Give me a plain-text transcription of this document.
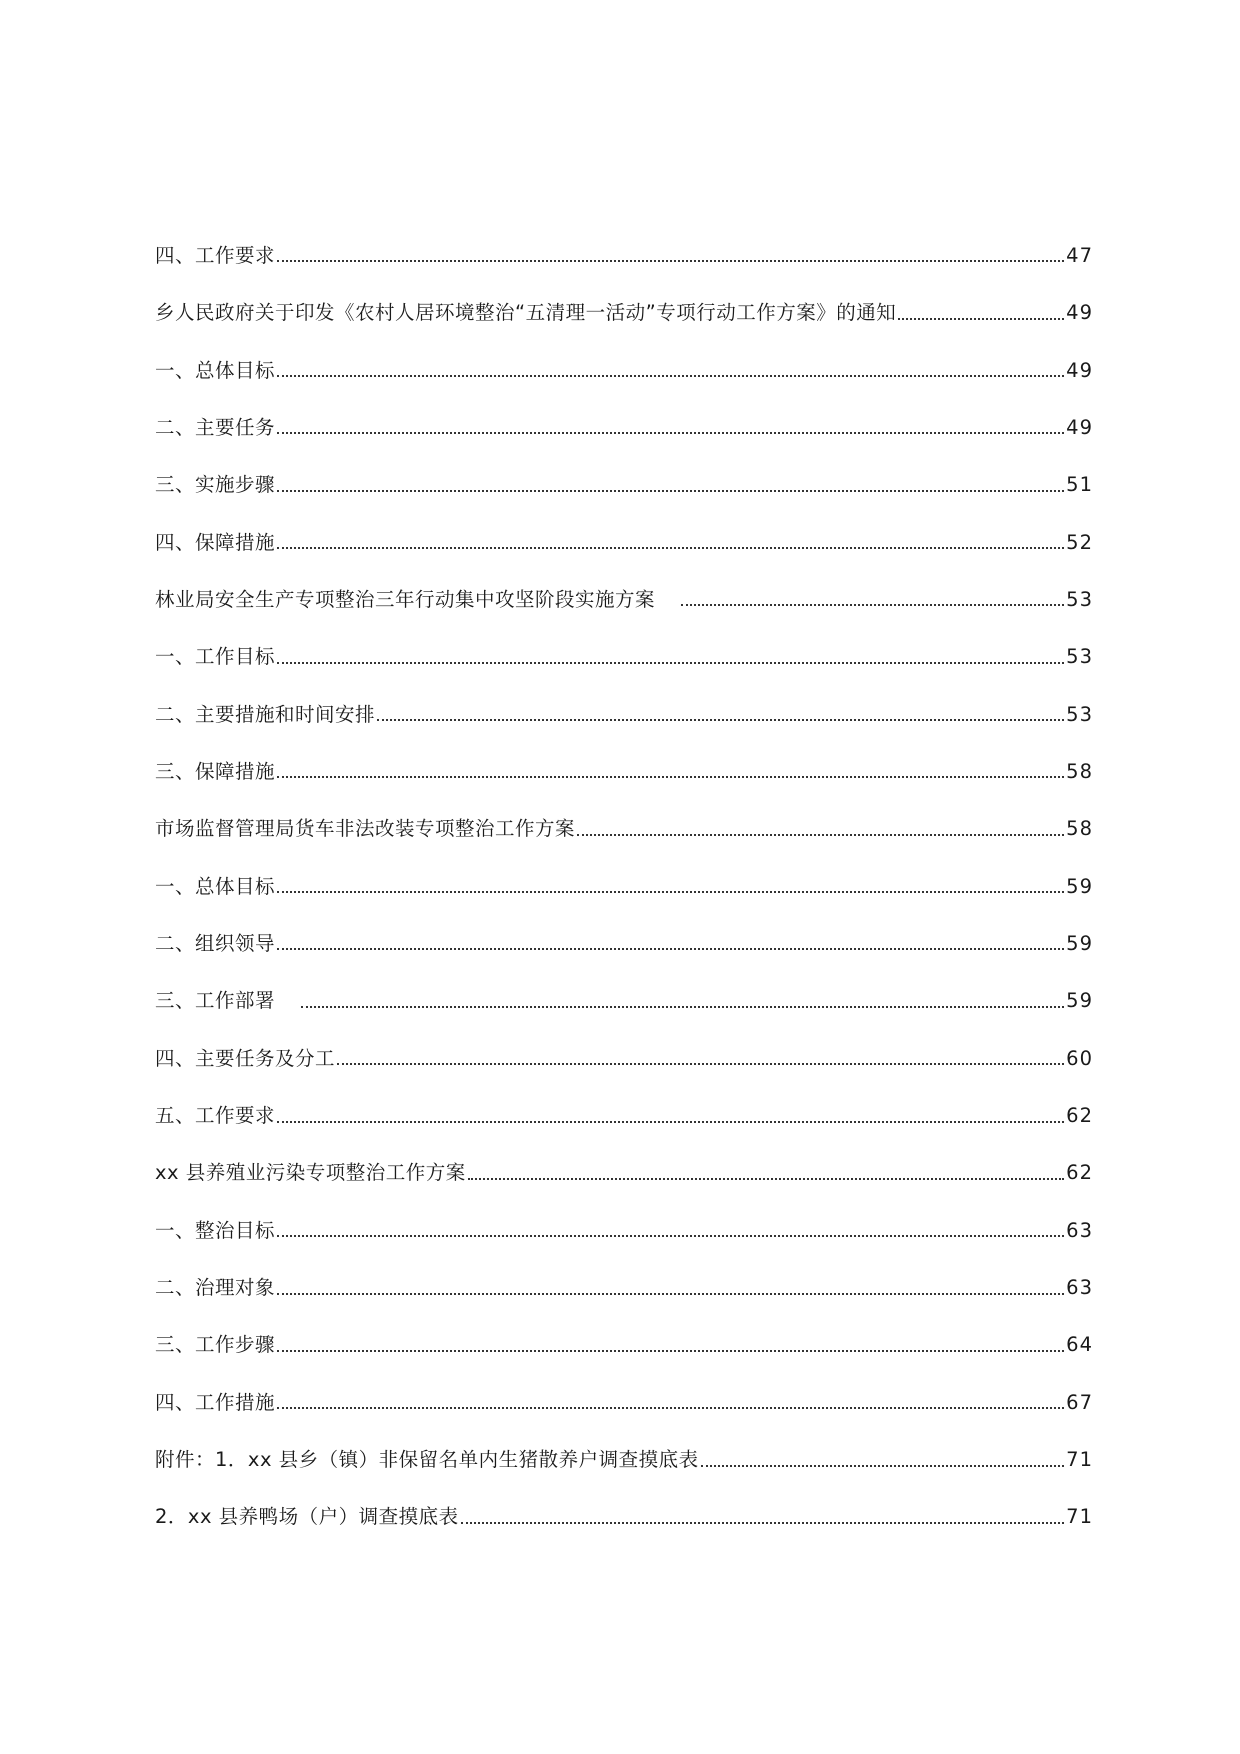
四、工作要求	47
乡人民政府关于印发《农村人居环境整治“五清理一活动”专项行动工作方案》的通知	49
一、总体目标	49
二、主要任务	49
三、实施步骤	51
四、保障措施	52
林业局安全生产专项整治三年行动集中攻坚阶段实施方案	53
一、工作目标	53
二、主要措施和时间安排	53
三、保障措施	58
市场监督管理局货车非法改装专项整治工作方案	58
一、总体目标	59
二、组织领导	59
三、工作部署	59
四、主要任务及分工	60
五、工作要求	62
xx 县养殖业污染专项整治工作方案	62
一、整治目标	63
二、治理对象	63
三、工作步骤	64
四、工作措施	67
附件：1．xx 县乡（镇）非保留名单内生猪散养户调查摸底表	71
2．xx 县养鸭场（户）调查摸底表	71
